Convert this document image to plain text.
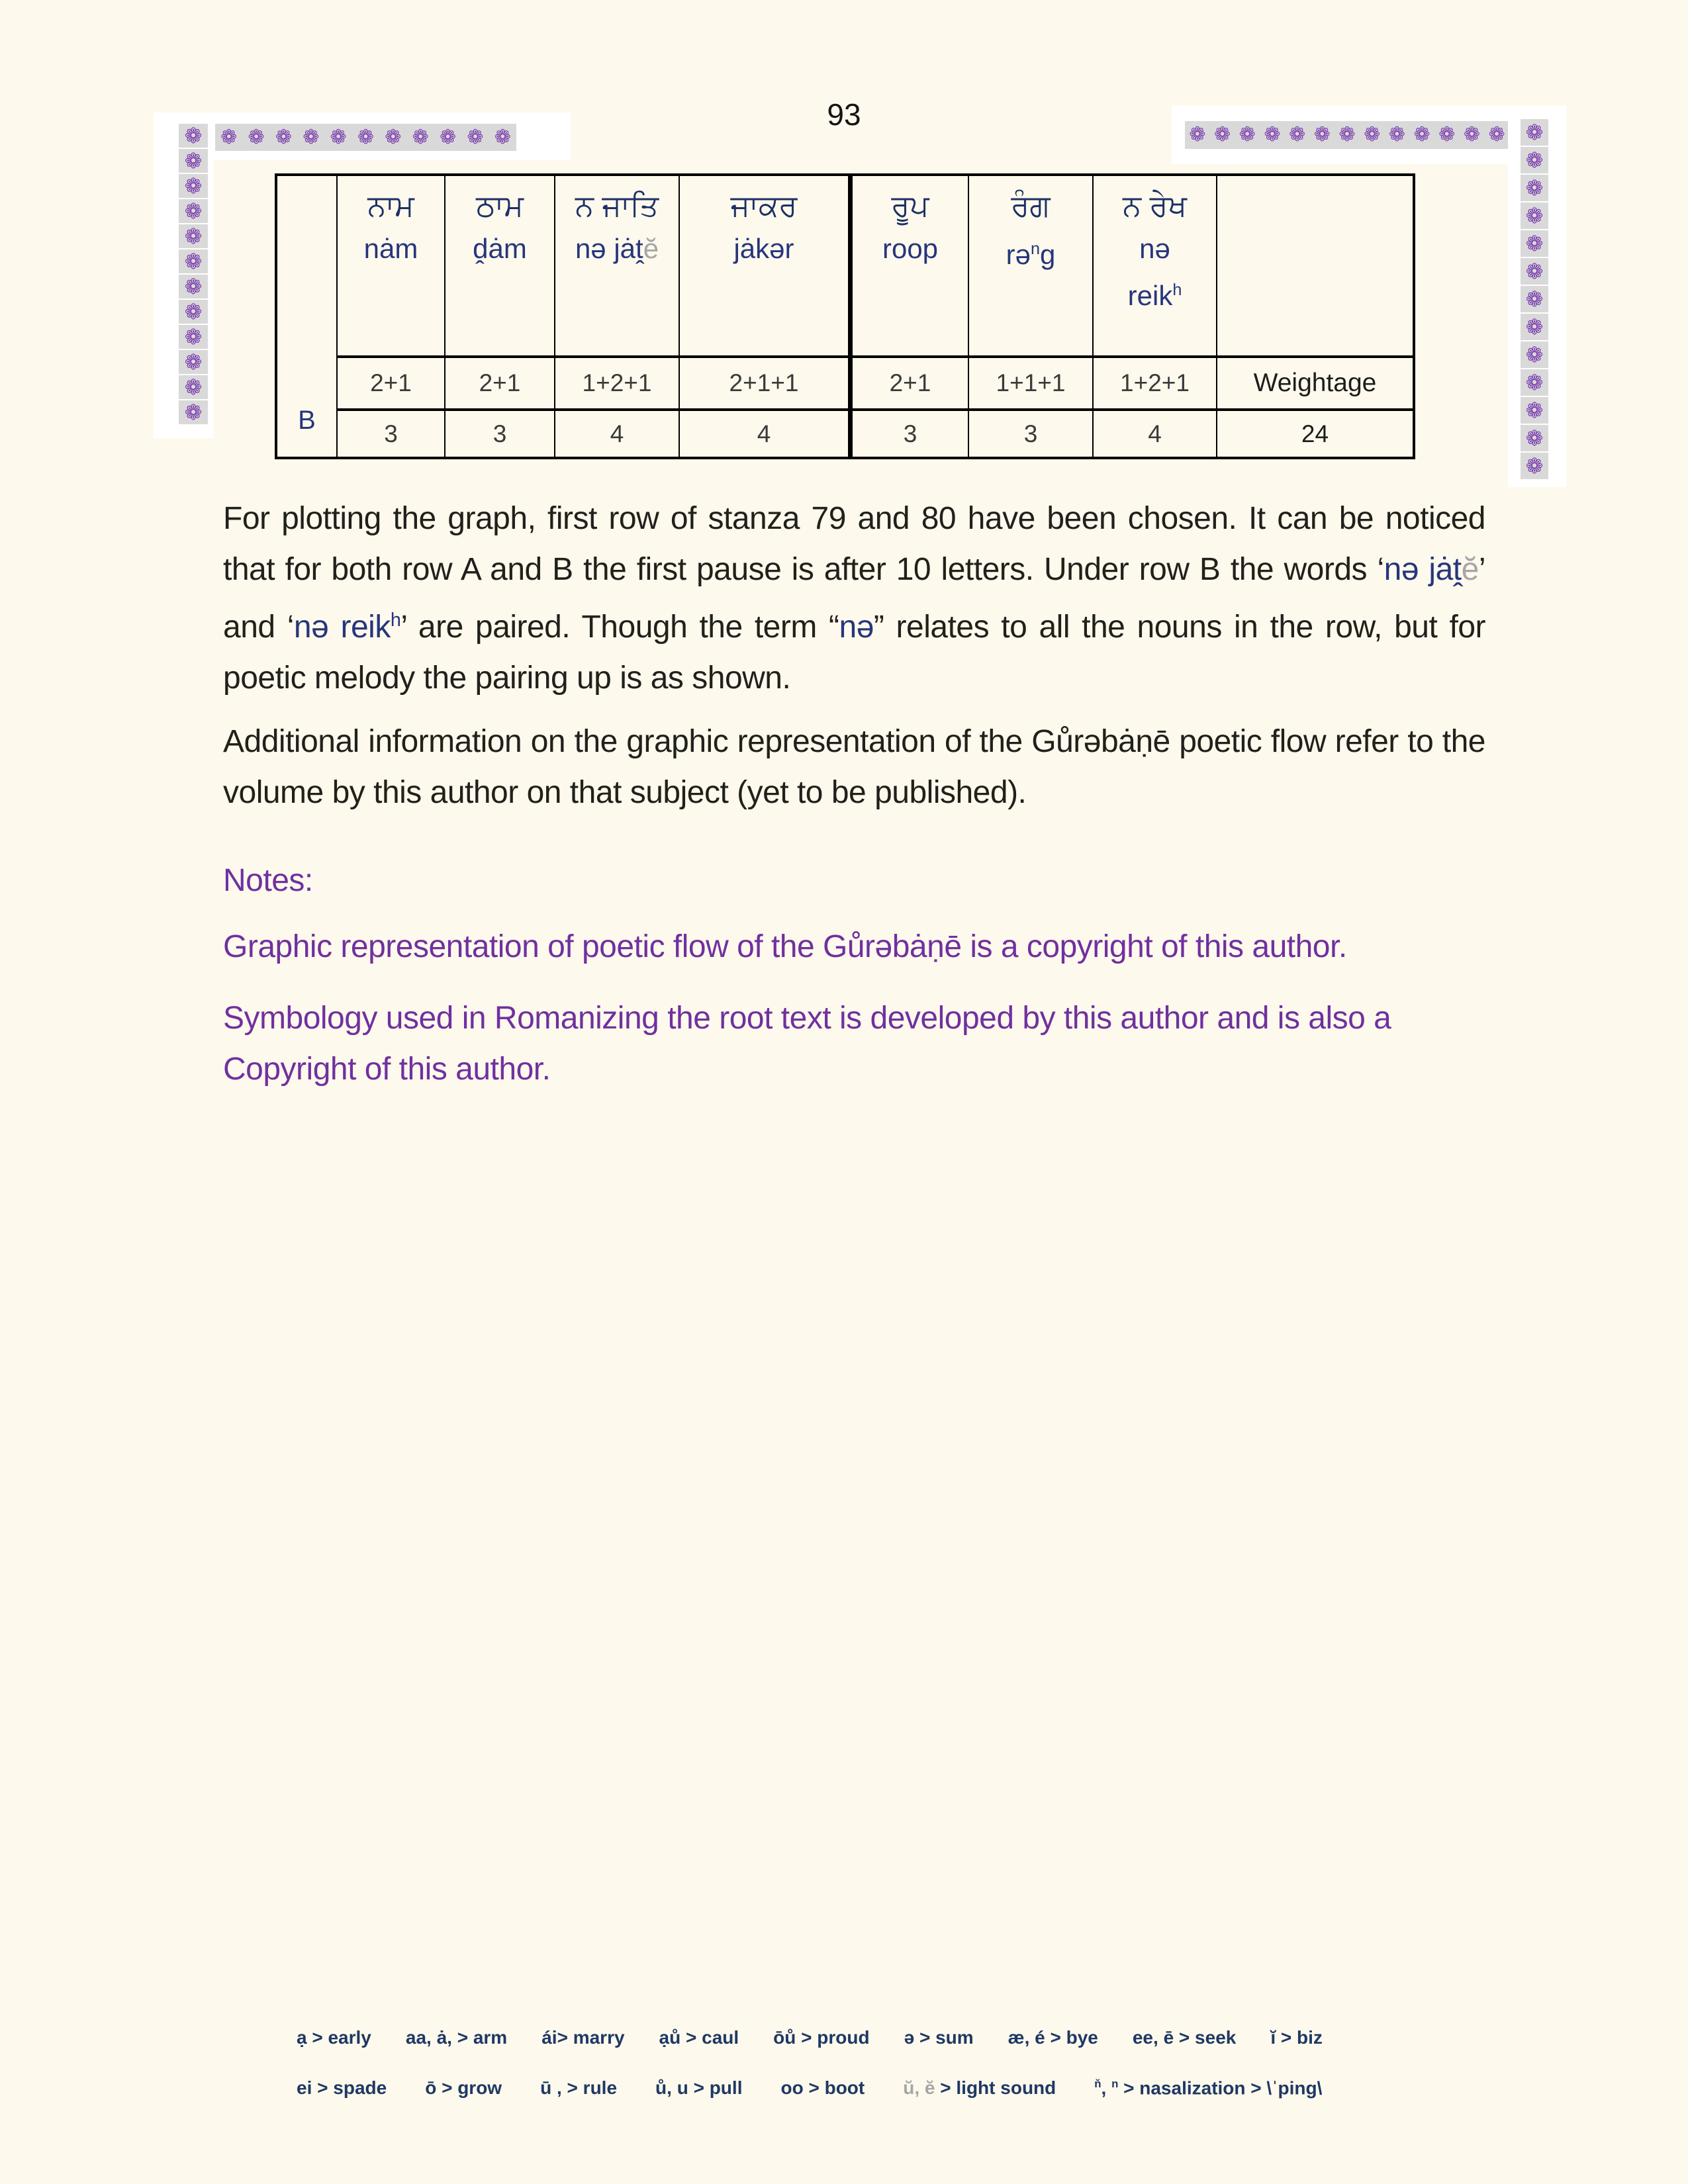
93
❁
❁
❁
❁
❁
❁
❁
❁
❁
❁
❁
❁
❁ ❁ ❁ ❁ ❁ ❁ ❁ ❁ ❁ ❁ ❁	❁ ❁ ❁ ❁ ❁ ❁ ❁ ❁ ❁ ❁ ❁ ❁ ❁ ❁
❁
❁
❁
❁
❁
❁
❁
❁
❁
❁
❁
❁
B
ਨਾਮ
nȧm
2+1
3
ਠਾਮ
ḓȧm
2+1
3
ਨ ਜਾਤਿ
nə jȧṱĕ
1+2+1
4
ਜਾਕਰ
jȧkər
2+1+1
4
ਰੂਪ
roop
2+1
3
ਰੰਗ
rə$^n$g
1+1+1
3
ਨ ਰੇਖ
nə
reik$^h$
1+2+1
4
Weightage
24
For plotting the graph, first row of stanza 79 and 80 have been chosen. It can be noticed that for both row A and B the first pause is after 10 letters. Under row B the words ‘nə jȧṱĕ’ and ‘nə reik$^h$’ are paired. Though the term “nə” relates to all the nouns in the row, but for poetic melody the pairing up is as shown.
Additional information on the graphic representation of the Gůrəbȧṇē poetic flow refer to the volume by this author on that subject (yet to be published).
Notes:
Graphic representation of poetic flow of the Gůrəbȧṇē is a copyright of this author.
Symbology used in Romanizing the root text is developed by this author and is also a Copyright of this author.
ạ > early aa, ȧ, > arm ái> marry ạů > caul ōů > proud ə > sum æ, é > bye ee, ē > seek ĭ > biz
ei > spade ō > grow ū , > rule ů, u > pull oo > boot ŭ, ĕ > light sound	$^ň$, $^n$ > nasalization > \ˈping\
